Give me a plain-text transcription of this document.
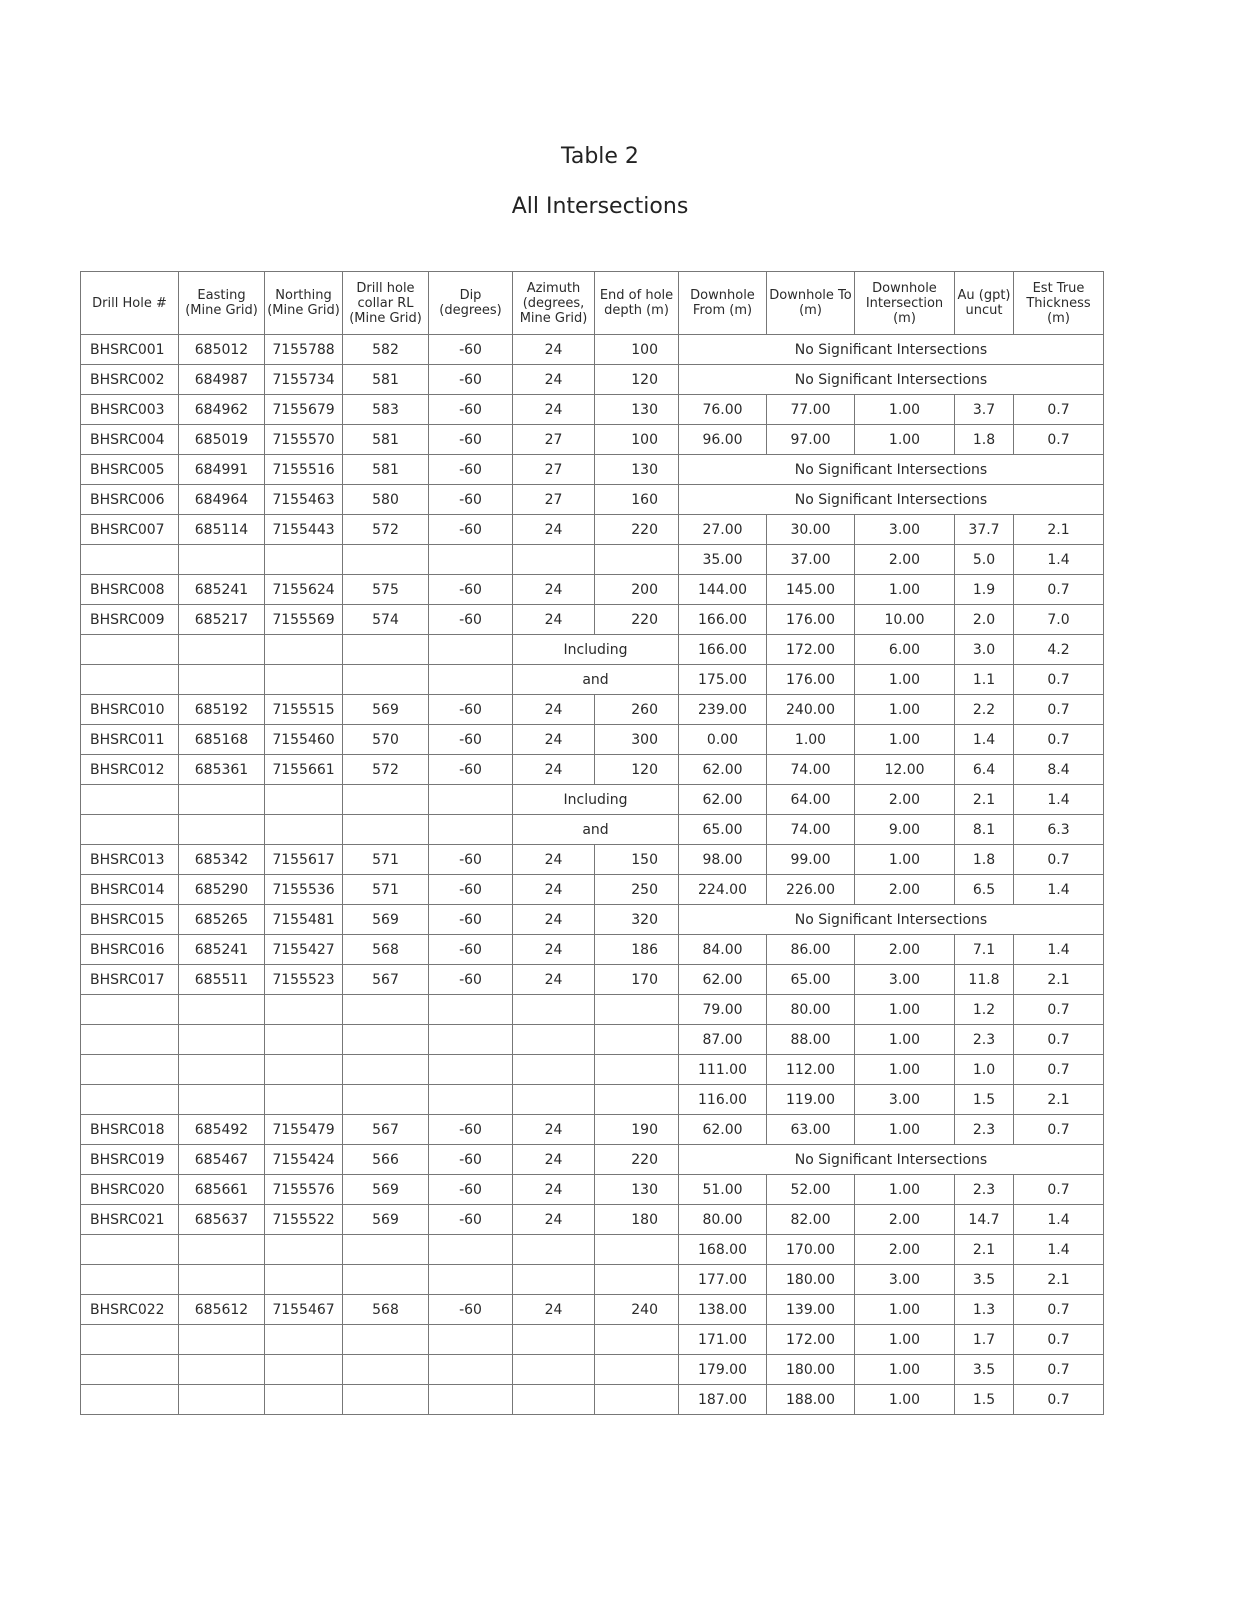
Table 2
All Intersections
Drill Hole #	Easting (Mine Grid)	Northing (Mine Grid)	Drill hole collar RL (Mine Grid)	Dip (degrees)	Azimuth (degrees, Mine Grid)	End of hole depth (m)	Downhole From (m)	Downhole To (m)	Downhole Intersection (m)	Au (gpt) uncut	Est True Thickness (m)
BHSRC001	685012	7155788	582	-60	24	100	No Significant Intersections				
BHSRC002	684987	7155734	581	-60	24	120	No Significant Intersections				
BHSRC003	684962	7155679	583	-60	24	130	76.00	77.00	1.00	3.7	0.7
BHSRC004	685019	7155570	581	-60	27	100	96.00	97.00	1.00	1.8	0.7
BHSRC005	684991	7155516	581	-60	27	130	No Significant Intersections				
BHSRC006	684964	7155463	580	-60	27	160	No Significant Intersections				
BHSRC007	685114	7155443	572	-60	24	220	27.00	30.00	3.00	37.7	2.1
							35.00	37.00	2.00	5.0	1.4
BHSRC008	685241	7155624	575	-60	24	200	144.00	145.00	1.00	1.9	0.7
BHSRC009	685217	7155569	574	-60	24	220	166.00	176.00	10.00	2.0	7.0
					Including		166.00	172.00	6.00	3.0	4.2
					and		175.00	176.00	1.00	1.1	0.7
BHSRC010	685192	7155515	569	-60	24	260	239.00	240.00	1.00	2.2	0.7
BHSRC011	685168	7155460	570	-60	24	300	0.00	1.00	1.00	1.4	0.7
BHSRC012	685361	7155661	572	-60	24	120	62.00	74.00	12.00	6.4	8.4
					Including		62.00	64.00	2.00	2.1	1.4
					and		65.00	74.00	9.00	8.1	6.3
BHSRC013	685342	7155617	571	-60	24	150	98.00	99.00	1.00	1.8	0.7
BHSRC014	685290	7155536	571	-60	24	250	224.00	226.00	2.00	6.5	1.4
BHSRC015	685265	7155481	569	-60	24	320	No Significant Intersections				
BHSRC016	685241	7155427	568	-60	24	186	84.00	86.00	2.00	7.1	1.4
BHSRC017	685511	7155523	567	-60	24	170	62.00	65.00	3.00	11.8	2.1
							79.00	80.00	1.00	1.2	0.7
							87.00	88.00	1.00	2.3	0.7
							111.00	112.00	1.00	1.0	0.7
							116.00	119.00	3.00	1.5	2.1
BHSRC018	685492	7155479	567	-60	24	190	62.00	63.00	1.00	2.3	0.7
BHSRC019	685467	7155424	566	-60	24	220	No Significant Intersections				
BHSRC020	685661	7155576	569	-60	24	130	51.00	52.00	1.00	2.3	0.7
BHSRC021	685637	7155522	569	-60	24	180	80.00	82.00	2.00	14.7	1.4
							168.00	170.00	2.00	2.1	1.4
							177.00	180.00	3.00	3.5	2.1
BHSRC022	685612	7155467	568	-60	24	240	138.00	139.00	1.00	1.3	0.7
							171.00	172.00	1.00	1.7	0.7
							179.00	180.00	1.00	3.5	0.7
							187.00	188.00	1.00	1.5	0.7
